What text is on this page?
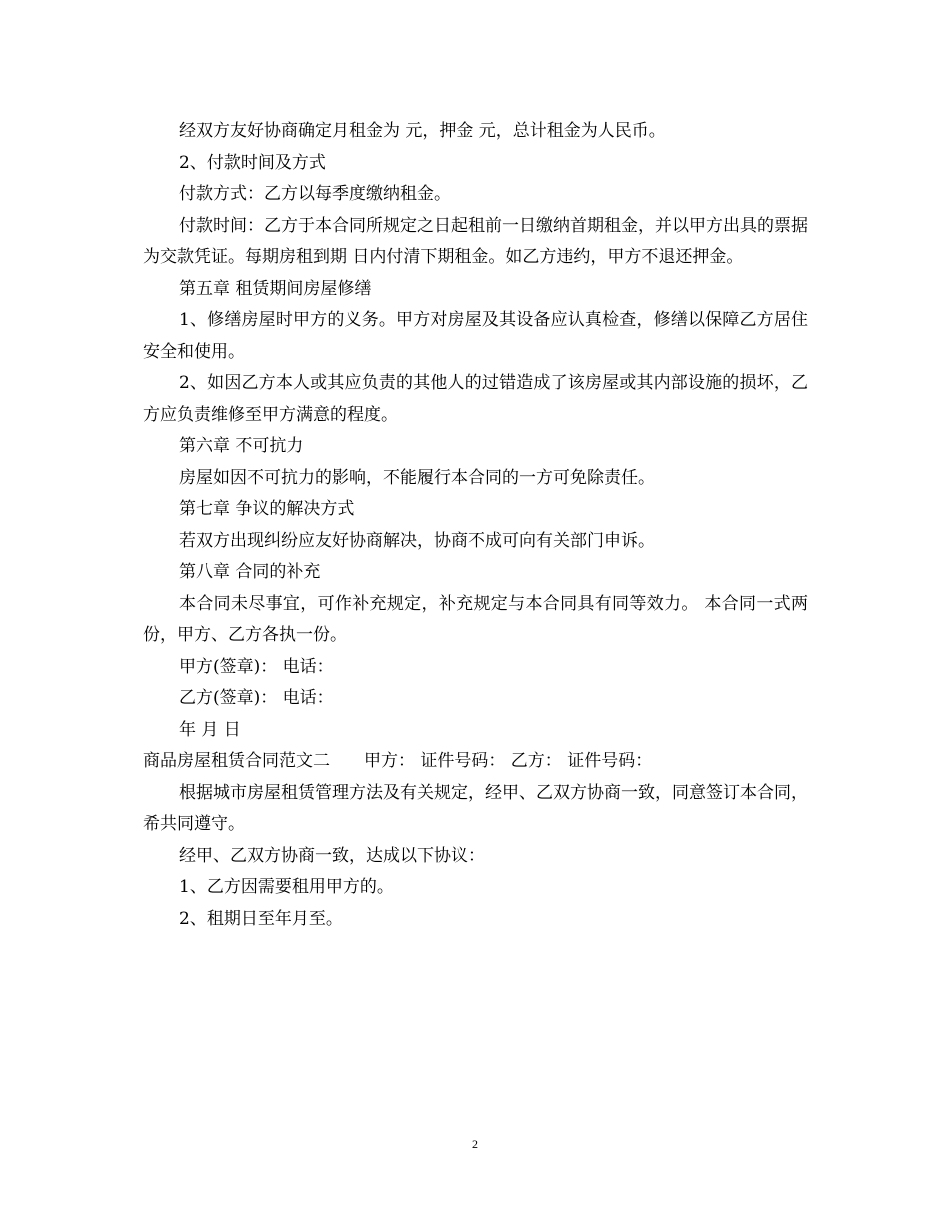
经双方友好协商确定月租金为 元，押金 元，总计租金为人民币。

2、付款时间及方式

付款方式：乙方以每季度缴纳租金。

付款时间：乙方于本合同所规定之日起租前一日缴纳首期租金，并以甲方出具的票据为交款凭证。每期房租到期 日内付清下期租金。如乙方违约，甲方不退还押金。

第五章 租赁期间房屋修缮

1、修缮房屋时甲方的义务。甲方对房屋及其设备应认真检查，修缮以保障乙方居住安全和使用。

2、如因乙方本人或其应负责的其他人的过错造成了该房屋或其内部设施的损坏，乙方应负责维修至甲方满意的程度。

第六章 不可抗力

房屋如因不可抗力的影响，不能履行本合同的一方可免除责任。

第七章 争议的解决方式

若双方出现纠纷应友好协商解决，协商不成可向有关部门申诉。

第八章 合同的补充

本合同未尽事宜，可作补充规定，补充规定与本合同具有同等效力。 本合同一式两份，甲方、乙方各执一份。

甲方(签章)： 电话：

乙方(签章)： 电话：

年 月 日

商品房屋租赁合同范文二　　甲方： 证件号码： 乙方： 证件号码：

根据城市房屋租赁管理方法及有关规定，经甲、乙双方协商一致，同意签订本合同，希共同遵守。

经甲、乙双方协商一致，达成以下协议：

1、乙方因需要租用甲方的。

2、租期日至年月至。

2
